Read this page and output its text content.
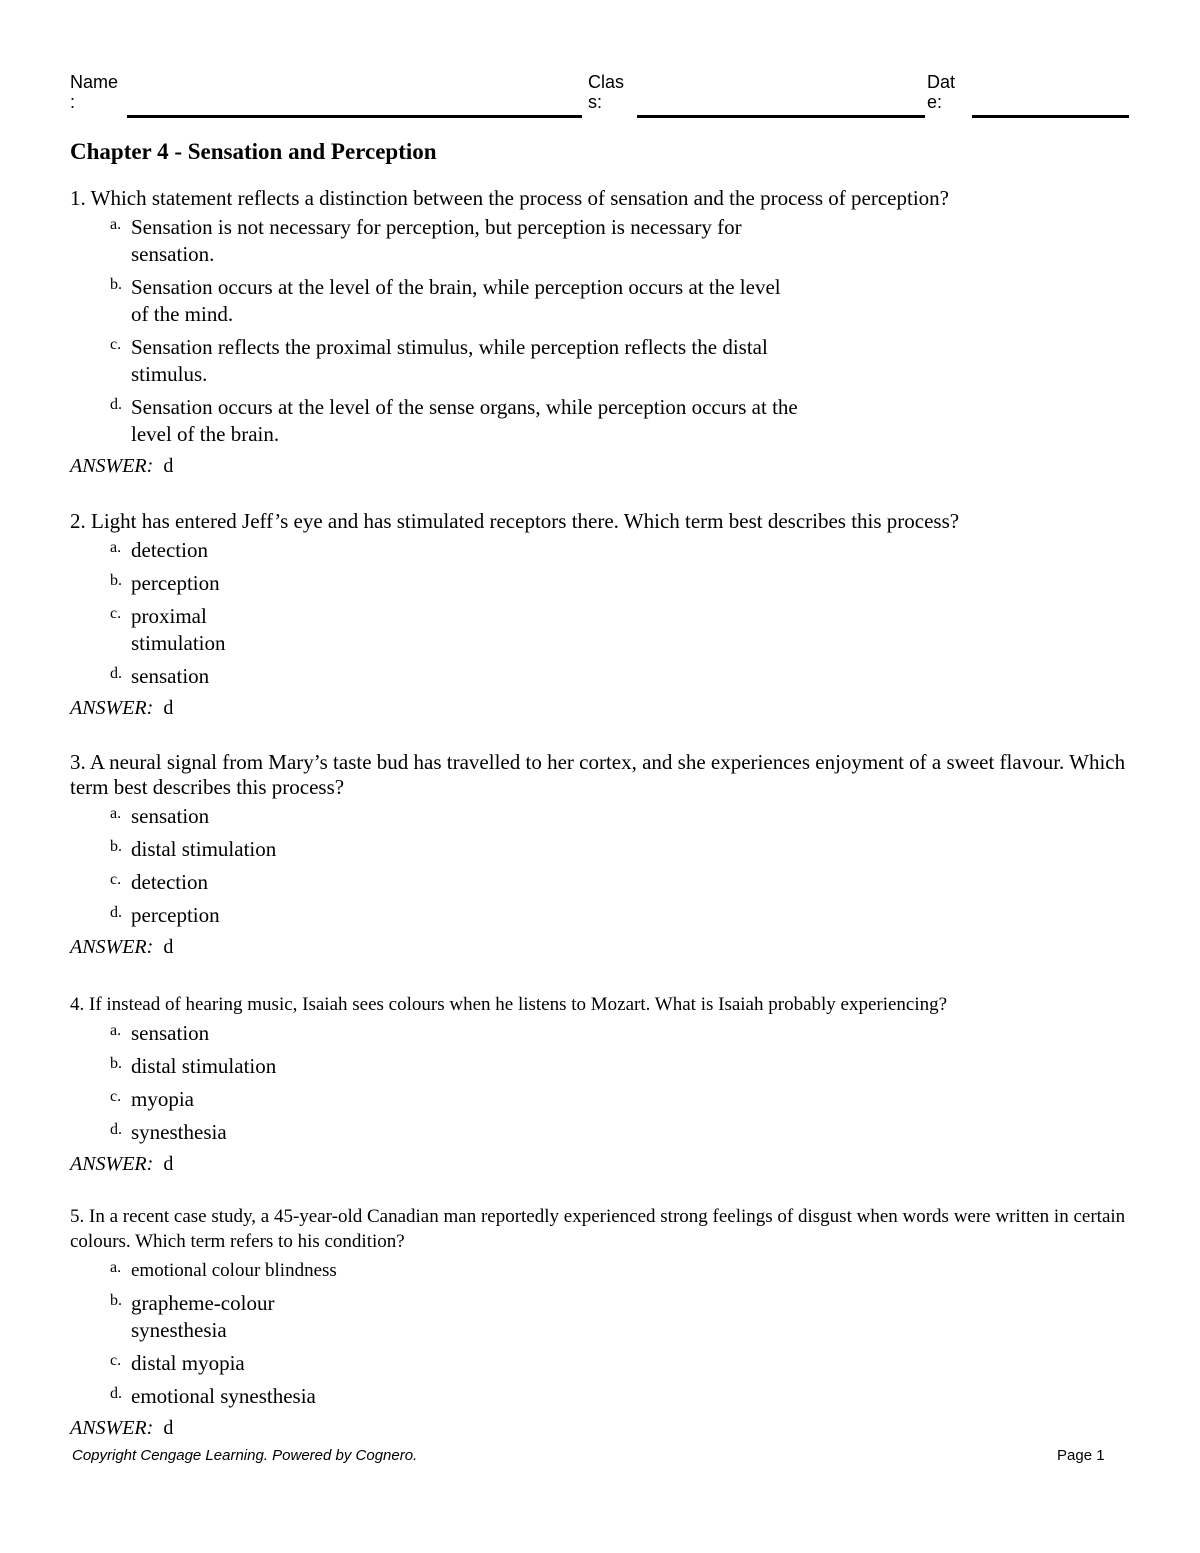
Name
:
Clas
s:
Dat
e:
Chapter 4 - Sensation and Perception

1. Which statement reflects a distinction between the process of sensation and the process of perception?

a. Sensation is not necessary for perception, but perception is necessary for
sensation.
b. Sensation occurs at the level of the brain, while perception occurs at the level
of the mind.
c. Sensation reflects the proximal stimulus, while perception reflects the distal
stimulus.
d. Sensation occurs at the level of the sense organs, while perception occurs at the
level of the brain.
ANSWER: d

2. Light has entered Jeff’s eye and has stimulated receptors there. Which term best describes this process?

a. detection
b. perception
c. proximal
stimulation
d. sensation
ANSWER: d

3. A neural signal from Mary’s taste bud has travelled to her cortex, and she experiences enjoyment of a sweet flavour. Which term best describes this process?

a. sensation
b. distal stimulation
c. detection
d. perception
ANSWER: d

4. If instead of hearing music, Isaiah sees colours when he listens to Mozart. What is Isaiah probably experiencing?

a. sensation
b. distal stimulation
c. myopia
d. synesthesia
ANSWER: d

5. In a recent case study, a 45-year-old Canadian man reportedly experienced strong feelings of disgust when words were written in certain colours. Which term refers to his condition?

a. emotional colour blindness
b. grapheme-colour
synesthesia
c. distal myopia
d. emotional synesthesia
ANSWER: d
Copyright Cengage Learning. Powered by Cognero.	Page 1
